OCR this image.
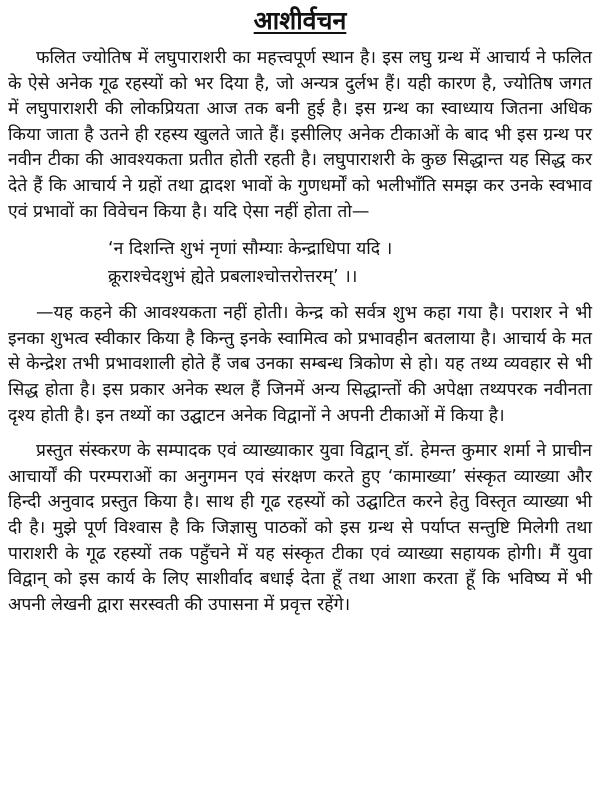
आशीर्वचन

फलित ज्योतिष में लघुपाराशरी का महत्त्वपूर्ण स्थान है। इस लघु ग्रन्थ में आचार्य ने फलित के ऐसे अनेक गूढ रहस्यों को भर दिया है, जो अन्यत्र दुर्लभ हैं। यही कारण है, ज्योतिष जगत में लघुपाराशरी की लोकप्रियता आज तक बनी हुई है। इस ग्रन्थ का स्वाध्याय जितना अधिक किया जाता है उतने ही रहस्य खुलते जाते हैं। इसीलिए अनेक टीकाओं के बाद भी इस ग्रन्थ पर नवीन टीका की आवश्यकता प्रतीत होती रहती है। लघुपाराशरी के कुछ सिद्धान्त यह सिद्ध कर देते हैं कि आचार्य ने ग्रहों तथा द्वादश भावों के गुणधर्मों को भलीभाँति समझ कर उनके स्वभाव एवं प्रभावों का विवेचन किया है। यदि ऐसा नहीं होता तो—

‘न दिशन्ति शुभं नृणां सौम्याः केन्द्राधिपा यदि ।
क्रूराश्चेदशुभं ह्येते प्रबलाश्चोत्तरोत्तरम्’ ।।

—यह कहने की आवश्यकता नहीं होती। केन्द्र को सर्वत्र शुभ कहा गया है। पराशर ने भी इनका शुभत्व स्वीकार किया है किन्तु इनके स्वामित्व को प्रभावहीन बतलाया है। आचार्य के मत से केन्द्रेश तभी प्रभावशाली होते हैं जब उनका सम्बन्ध त्रिकोण से हो। यह तथ्य व्यवहार से भी सिद्ध होता है। इस प्रकार अनेक स्थल हैं जिनमें अन्य सिद्धान्तों की अपेक्षा तथ्यपरक नवीनता दृश्य होती है। इन तथ्यों का उद्घाटन अनेक विद्वानों ने अपनी टीकाओं में किया है।

प्रस्तुत संस्करण के सम्पादक एवं व्याख्याकार युवा विद्वान् डॉ. हेमन्त कुमार शर्मा ने प्राचीन आचार्यों की परम्पराओं का अनुगमन एवं संरक्षण करते हुए ‘कामाख्या’ संस्कृत व्याख्या और हिन्दी अनुवाद प्रस्तुत किया है। साथ ही गूढ रहस्यों को उद्घाटित करने हेतु विस्तृत व्याख्या भी दी है। मुझे पूर्ण विश्वास है कि जिज्ञासु पाठकों को इस ग्रन्थ से पर्याप्त सन्तुष्टि मिलेगी तथा पाराशरी के गूढ रहस्यों तक पहुँचने में यह संस्कृत टीका एवं व्याख्या सहायक होगी। मैं युवा विद्वान् को इस कार्य के लिए साशीर्वाद बधाई देता हूँ तथा आशा करता हूँ कि भविष्य में भी अपनी लेखनी द्वारा सरस्वती की उपासना में प्रवृत्त रहेंगे।
